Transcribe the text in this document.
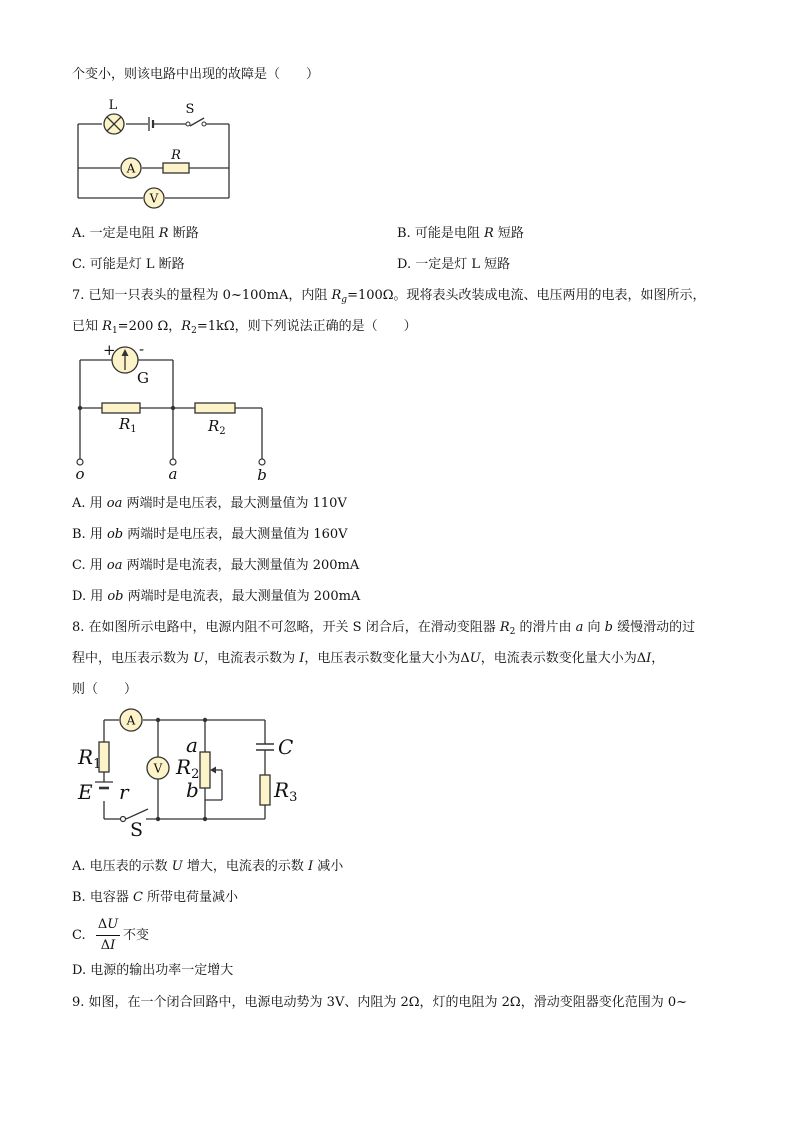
个变小，则该电路中出现的故障是（　　）
A
V
L	S
R
A. 一定是电阻 R 断路	B. 可能是电阻 R 短路
C. 可能是灯 L 断路	D. 一定是灯 L 短路
7. 已知一只表头的量程为 0~100mA，内阻 $R_g=100\Omega$。现将表头改装成电流、电压两用的电表，如图所示，
已知 $R_1=200$ Ω，$R_2=1k\Omega$，则下列说法正确的是（　　）
+ -
G
$R_1$	$R_2$
o	a	b
A. 用 oa 两端时是电压表，最大测量值为 110V
B. 用 ob 两端时是电压表，最大测量值为 160V
C. 用 oa 两端时是电流表，最大测量值为 200mA
D. 用 ob 两端时是电流表，最大测量值为 200mA
8. 在如图所示电路中，电源内阻不可忽略，开关 S 闭合后，在滑动变阻器 $R_2$ 的滑片由 a 向 b 缓慢滑动的过
程中，电压表示数为 U，电流表示数为 I，电压表示数变化量大小为ΔU，电流表示数变化量大小为ΔI，
则（　　）
A
V
$R_1$
E r
a
$R_2$
b
C
$R_3$
S
A. 电压表的示数 U 增大，电流表的示数 I 减小
B. 电容器 C 所带电荷量减小
C.
ΔU
ΔI
不变
D. 电源的输出功率一定增大
9. 如图，在一个闭合回路中，电源电动势为 3V、内阻为 2Ω，灯的电阻为 2Ω，滑动变阻器变化范围为 0~
